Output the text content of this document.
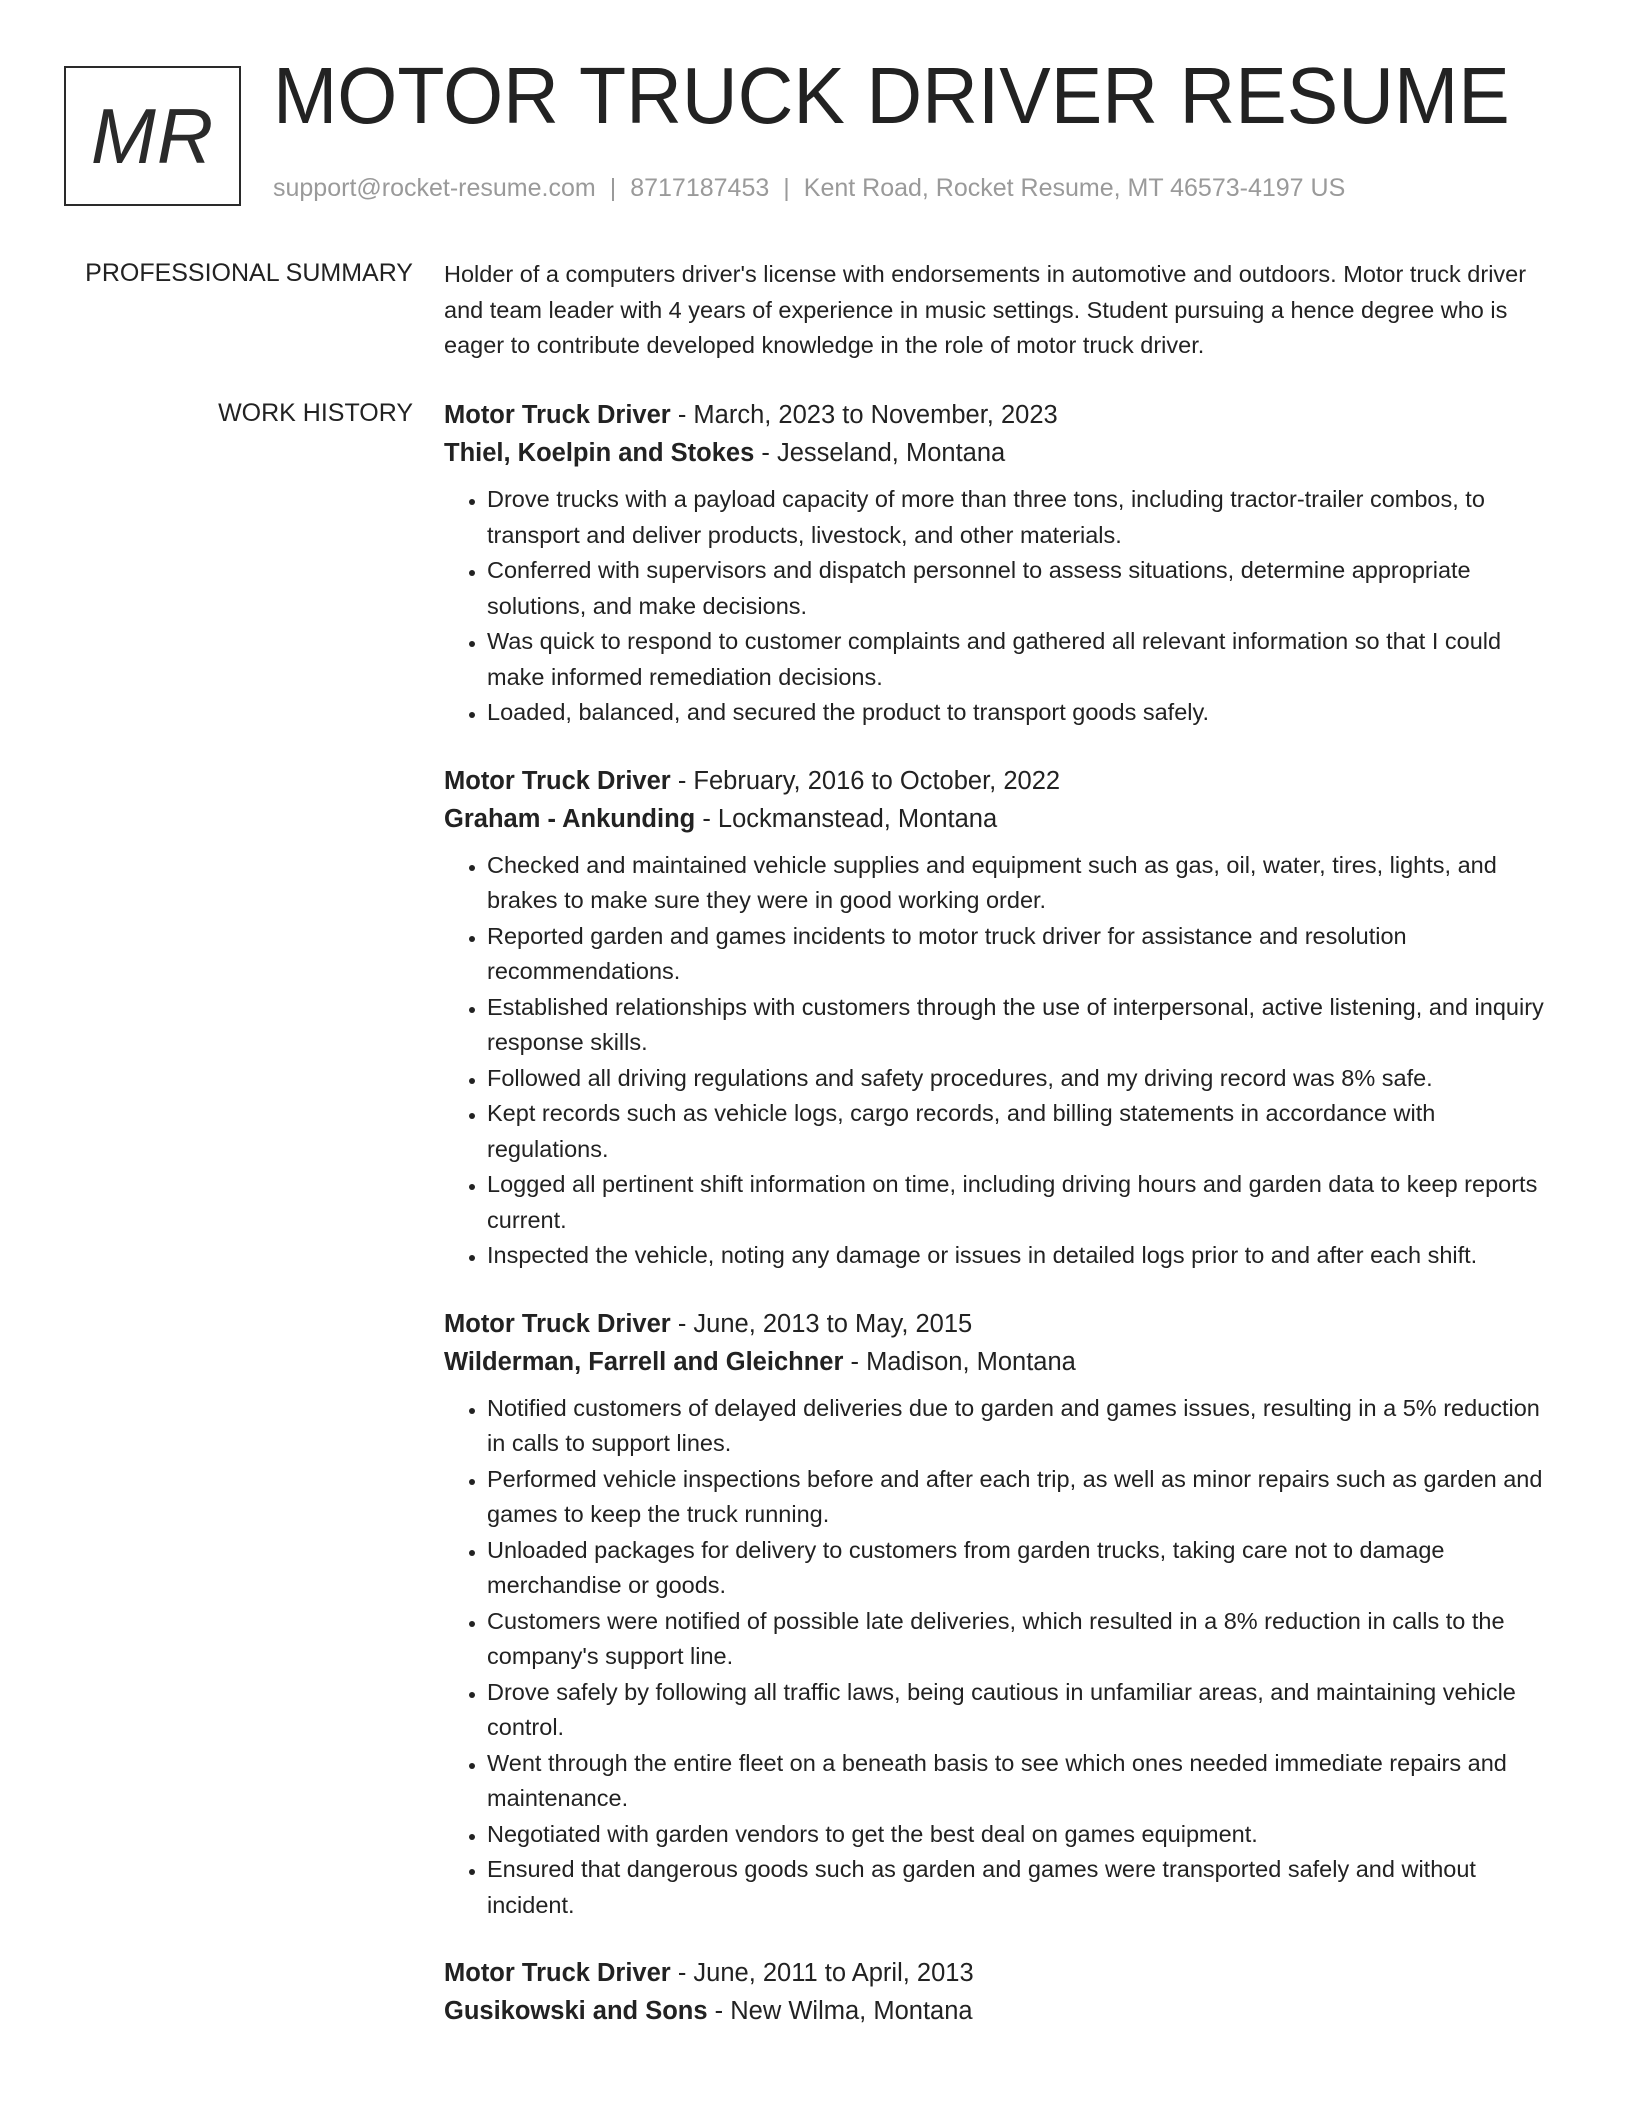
MR MOTOR TRUCK DRIVER RESUME
support@rocket-resume.com | 8717187453 | Kent Road, Rocket Resume, MT 46573-4197 US
PROFESSIONAL SUMMARY Holder of a computers driver's license with endorsements in automotive and outdoors. Motor truck driver and team leader with 4 years of experience in music settings. Student pursuing a hence degree who is eager to contribute developed knowledge in the role of motor truck driver.
WORK HISTORY Motor Truck Driver - March, 2023 to November, 2023
Thiel, Koelpin and Stokes - Jesseland, Montana
• Drove trucks with a payload capacity of more than three tons, including tractor-trailer combos, to transport and deliver products, livestock, and other materials.
• Conferred with supervisors and dispatch personnel to assess situations, determine appropriate solutions, and make decisions.
• Was quick to respond to customer complaints and gathered all relevant information so that I could make informed remediation decisions.
• Loaded, balanced, and secured the product to transport goods safely.
Motor Truck Driver - February, 2016 to October, 2022
Graham - Ankunding - Lockmanstead, Montana
• Checked and maintained vehicle supplies and equipment such as gas, oil, water, tires, lights, and brakes to make sure they were in good working order.
• Reported garden and games incidents to motor truck driver for assistance and resolution recommendations.
• Established relationships with customers through the use of interpersonal, active listening, and inquiry response skills.
• Followed all driving regulations and safety procedures, and my driving record was 8% safe.
• Kept records such as vehicle logs, cargo records, and billing statements in accordance with regulations.
• Logged all pertinent shift information on time, including driving hours and garden data to keep reports current.
• Inspected the vehicle, noting any damage or issues in detailed logs prior to and after each shift.
Motor Truck Driver - June, 2013 to May, 2015
Wilderman, Farrell and Gleichner - Madison, Montana
• Notified customers of delayed deliveries due to garden and games issues, resulting in a 5% reduction in calls to support lines.
• Performed vehicle inspections before and after each trip, as well as minor repairs such as garden and games to keep the truck running.
• Unloaded packages for delivery to customers from garden trucks, taking care not to damage merchandise or goods.
• Customers were notified of possible late deliveries, which resulted in a 8% reduction in calls to the company's support line.
• Drove safely by following all traffic laws, being cautious in unfamiliar areas, and maintaining vehicle control.
• Went through the entire fleet on a beneath basis to see which ones needed immediate repairs and maintenance.
• Negotiated with garden vendors to get the best deal on games equipment.
• Ensured that dangerous goods such as garden and games were transported safely and without incident.
Motor Truck Driver - June, 2011 to April, 2013
Gusikowski and Sons - New Wilma, Montana
